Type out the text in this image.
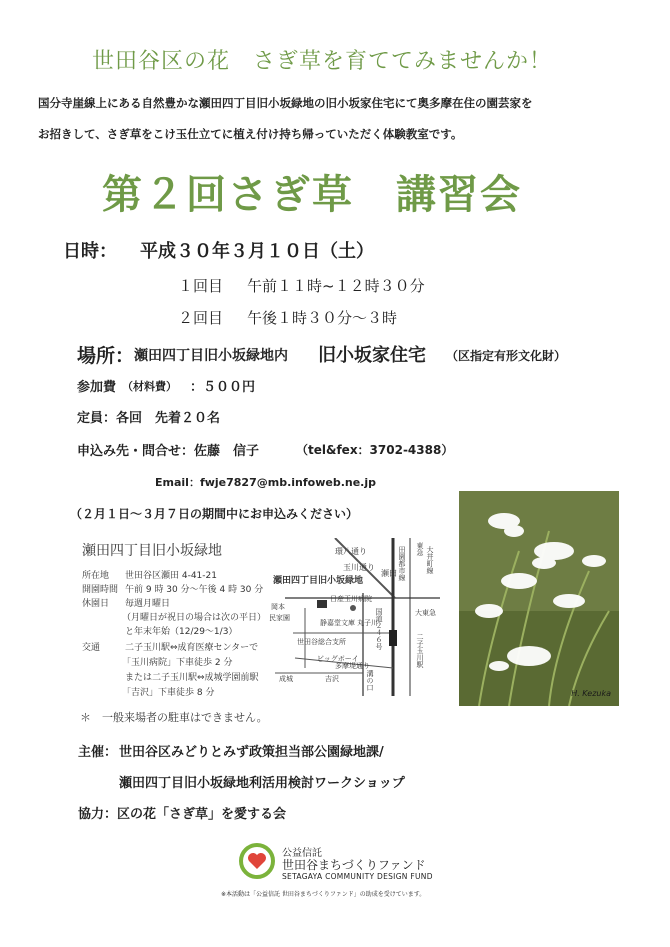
世田谷区の花　さぎ草を育ててみませんか！
国分寺崖線上にある自然豊かな瀬田四丁目旧小坂緑地の旧小坂家住宅にて奥多摩在住の園芸家を
お招きして、さぎ草をこけ玉仕立てに植え付け持ち帰っていただく体験教室です。
第２回さぎ草　講習会
日時： 平成３０年３月１０日（土）
１回目 午前１１時~１２時３０分
２回目 午後１時３０分～３時
場所： 瀬田四丁目旧小坂緑地内 旧小坂家住宅 （区指定有形文化財）
参加費 （材料費） ：５００円
定員：各回　先着２０名
申込み先・問合せ：佐藤　信子	（tel&fex：3702-4388）
Email：fwje7827@mb.infoweb.ne.jp
（２月１日～３月７日の期間中にお申込みください）
瀬田四丁目旧小坂緑地
所在地 世田谷区瀬田 4-41-21
開園時間 午前 9 時 30 分～午後 4 時 30 分
休園日 毎週月曜日
（月曜日が祝日の場合は次の平日）
と年末年始（12/29～1/3）
交通	二子玉川駅⇔成育医療センターで
「玉川病院」下車徒歩 2 分
または二子玉川駅⇔成城学園前駅
「吉沢」下車徒歩 8 分
瀬田四丁目旧小坂緑地
環八通り
玉川通り
瀬田 田園都市線 東急 大井町線
大東急
日産玉川病院
岡本
民家園
静嘉堂文庫 丸子川
世田谷総合支所
ビッグボーイ
国道２４６号
多摩堤通り
吉沢
二子玉川駅
成城	溝の口
＊　一般来場者の駐車はできません。
H. Kezuka
主催： 世田谷区みどりとみず政策担当部公園緑地課/
瀬田四丁目旧小坂緑地利活用検討ワークショップ
協力：区の花「さぎ草」を愛する会
公益信託
世田谷まちづくりファンド
SETAGAYA COMMUNITY DESIGN FUND
※本活動は「公益信託 世田谷まちづくりファンド」の助成を受けています。
